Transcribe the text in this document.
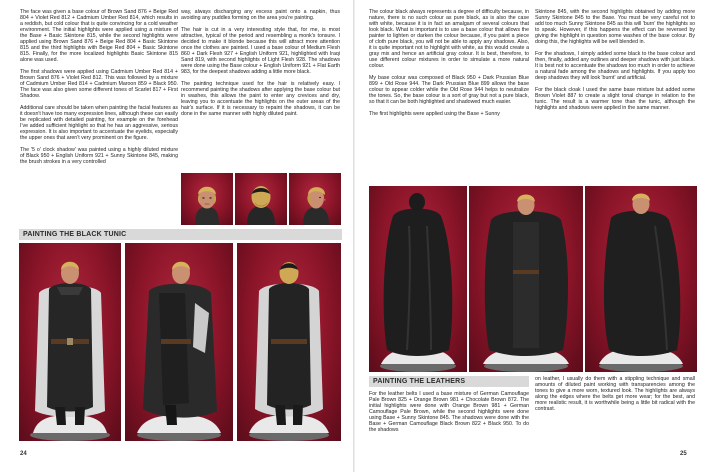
The face was given a base colour of Brown Sand 876 + Beige Red 804 + Violet Red 812 + Cadmium Umber Red 814, which results in a reddish, but cold colour that is quite convincing for a cold weather environment. The initial highlights were applied using a mixture of the Base + Basic Skintone 815, while the second highlights were applied using Brown Sand 876 + Beige Red 804 + Basic Skintone 815 and the third highlights with Beige Red 804 + Basic Skintone 815. Finally, for the more localized highlights Basic Skintone 815 alone was used.

The first shadows were applied using Cadmium Umber Red 814 + Brown Sand 876 + Violet Red 812. This was followed by a mixture of Cadmium Umber Red 814 + Cadmium Maroon 859 + Black 950. The face was also given some different tones of Scarlet 817 + First Shadow.

Additional care should be taken when painting the facial features as it doesn't have too many expression lines, although these can easily be replicated with detailed painting, for example on the forehead I've added sufficient highlight so that he has an aggressive, serious expression. It is also important to accentuate the eyelids, especially the upper ones that aren't very prominent on the figure.

The '5 o' clock shadow' was painted using a highly diluted mixture of Black 950 + English Uniform 921 + Sunny Skintone 845, making the brush strokes in a very controlled

way, always discharging any excess paint onto a napkin, thus avoiding any puddles forming on the area you're painting.

The hair is cut in a very interesting style that, for me, is most attractive, typical of the period and resembling a monk's tonsure. I decided to make it blonde because this will attract more attention once the clothes are painted. I used a base colour of Medium Flesh 860 + Dark Flesh 927 + English Uniform 921, highlighted with Iraqi Sand 819, with second highlights of Light Flesh 928. The shadows were done using the Base colour + English Uniform 921 + Flat Earth 983, for the deepest shadows adding a little more black.

The painting technique used for the hair is relatively easy. I recommend painting the shadows after applying the base colour but in washes, this allows the paint to enter any crevices and dry, leaving you to accentuate the highlights on the outer areas of the hair's surface. If it is necessary to repaint the shadows, it can be done in the same manner with highly diluted paint.

PAINTING THE BLACK TUNIC
24

The colour black always represents a degree of difficulty because, in nature, there is no such colour as pure black, as is also the case with white, because it is in fact an amalgam of several colours that look black. What is important is to use a base colour that allows the painter to lighten or darken the colour because, if you paint a piece of cloth pure black, you will not be able to apply any shadows. Also, it is quite important not to highlight with white, as this would create a gray mix and hence an artificial gray colour. It is best, therefore, to use different colour mixtures in order to simulate a more natural colour.

My base colour was composed of Black 950 + Dark Prussian Blue 899 + Old Rose 944. The Dark Prussian Blue 899 allows the base colour to appear colder while the Old Rose 944 helps to neutralize the tones. So, the base colour is a sort of gray but not a pure black, so that it can be both highlighted and shadowed much easier.

The first highlights were applied using the Base + Sunny

Skintone 845, with the second highlights obtained by adding more Sunny Skintone 845 to the Base. You must be very careful not to add too much Sunny Skintone 845 as this will 'burn' the highlights so to speak. However, if this happens the effect can be reversed by giving the highlight in question some washes of the base colour. By doing this, the highlights will be well blended in.

For the shadows, I simply added some black to the base colour and then, finally, added any outlines and deeper shadows with just black. It is best not to accentuate the shadows too much in order to achieve a natural fade among the shadows and highlights. If you apply too deep shadows they will look 'burnt' and artificial.

For the black cloak I used the same base mixture but added some Brown Violet 887 to create a slight tonal change in relation to the tunic. The result is a warmer tone than the tunic, although the highlights and shadows were applied in the same manner.

PAINTING THE LEATHERS

For the leather belts I used a base mixture of German Camouflage Pale Brown 825 + Orange Brown 981 + Chocolate Brown 872. The initial highlights were done with Orange Brown 981 + German Camouflage Pale Brown, while the second highlights were done using Base + Sunny Skintone 845. The shadows were done with the Base + German Camouflage Black Brown 822 + Black 950. To do the shadows

on leather, I usually do them with a stippling technique and small amounts of diluted paint working with transparencies among the tones to give a more worn, textured look. The highlights are always along the edges where the belts get more wear; for the best, and more realistic result, it is worthwhile being a little bit radical with the contrast.

25
